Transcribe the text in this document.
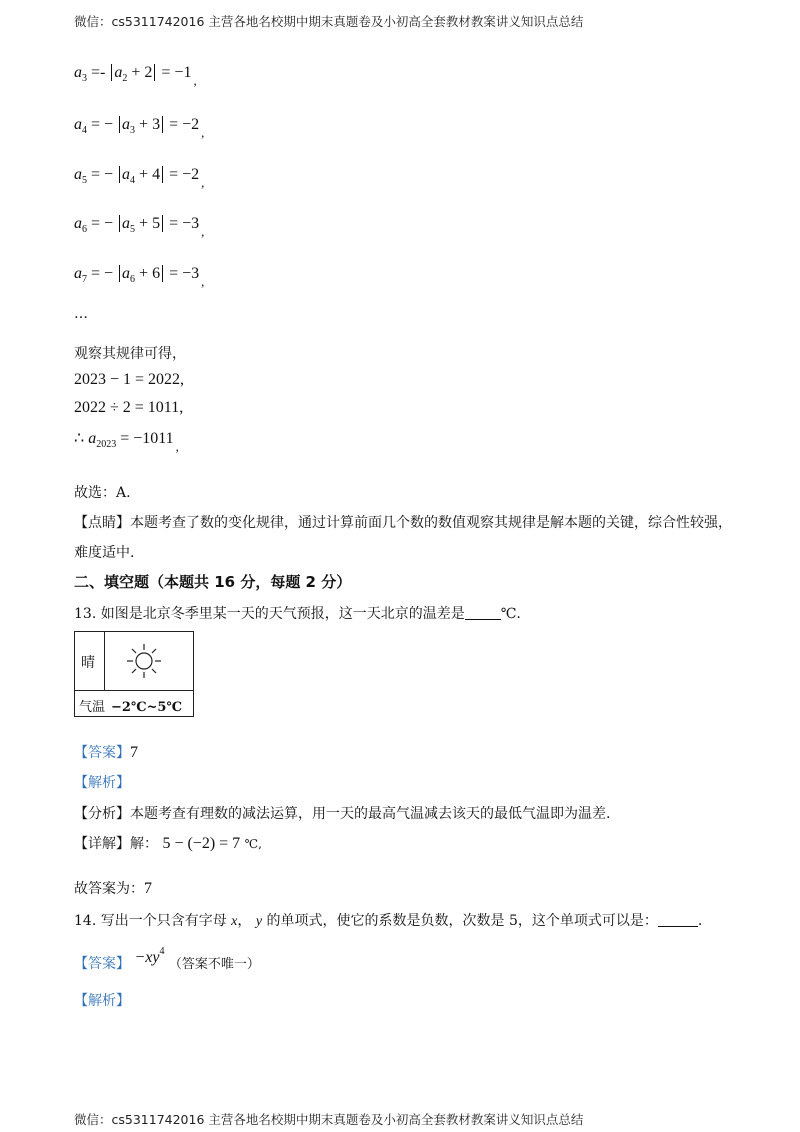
微信：cs5311742016 主营各地名校期中期末真题卷及小初高全套教材教案讲义知识点总结
$a_3 =- a_2 + 2 = -1$ $_,$
$a_4$ = − $a_3 + 3 = -2$ $_,$
$a_5$ = − $a_4 + 4 = -2$ $_,$
$a_6$ = − $a_5 + 5 = -3$ $_,$
$a_7$ = − $a_6 + 6 = -3$ $_,$
…
观察其规律可得，
2023 − 1 = 2022,
2022 ÷ 2 = 1011,
∴ $a_{2023} = -1011$ $_,$
故选：A.
【点睛】本题考查了数的变化规律，通过计算前面几个数的数值观察其规律是解本题的关键，综合性较强，
难度适中.
二、填空题（本题共 16 分，每题 2 分）
13. 如图是北京冬季里某一天的天气预报，这一天北京的温差是	℃.
晴
气温 −2℃~5℃
【答案】7
【解析】
【分析】本题考查有理数的减法运算，用一天的最高气温减去该天的最低气温即为温差.
【详解】解： 5 − (−2) = 7 ℃,
故答案为：7
14. 写出一个只含有字母 x， y 的单项式，使它的系数是负数，次数是 5，这个单项式可以是：	.
【答案】 $-xy^4$ （答案不唯一）
【解析】
微信：cs5311742016 主营各地名校期中期末真题卷及小初高全套教材教案讲义知识点总结
